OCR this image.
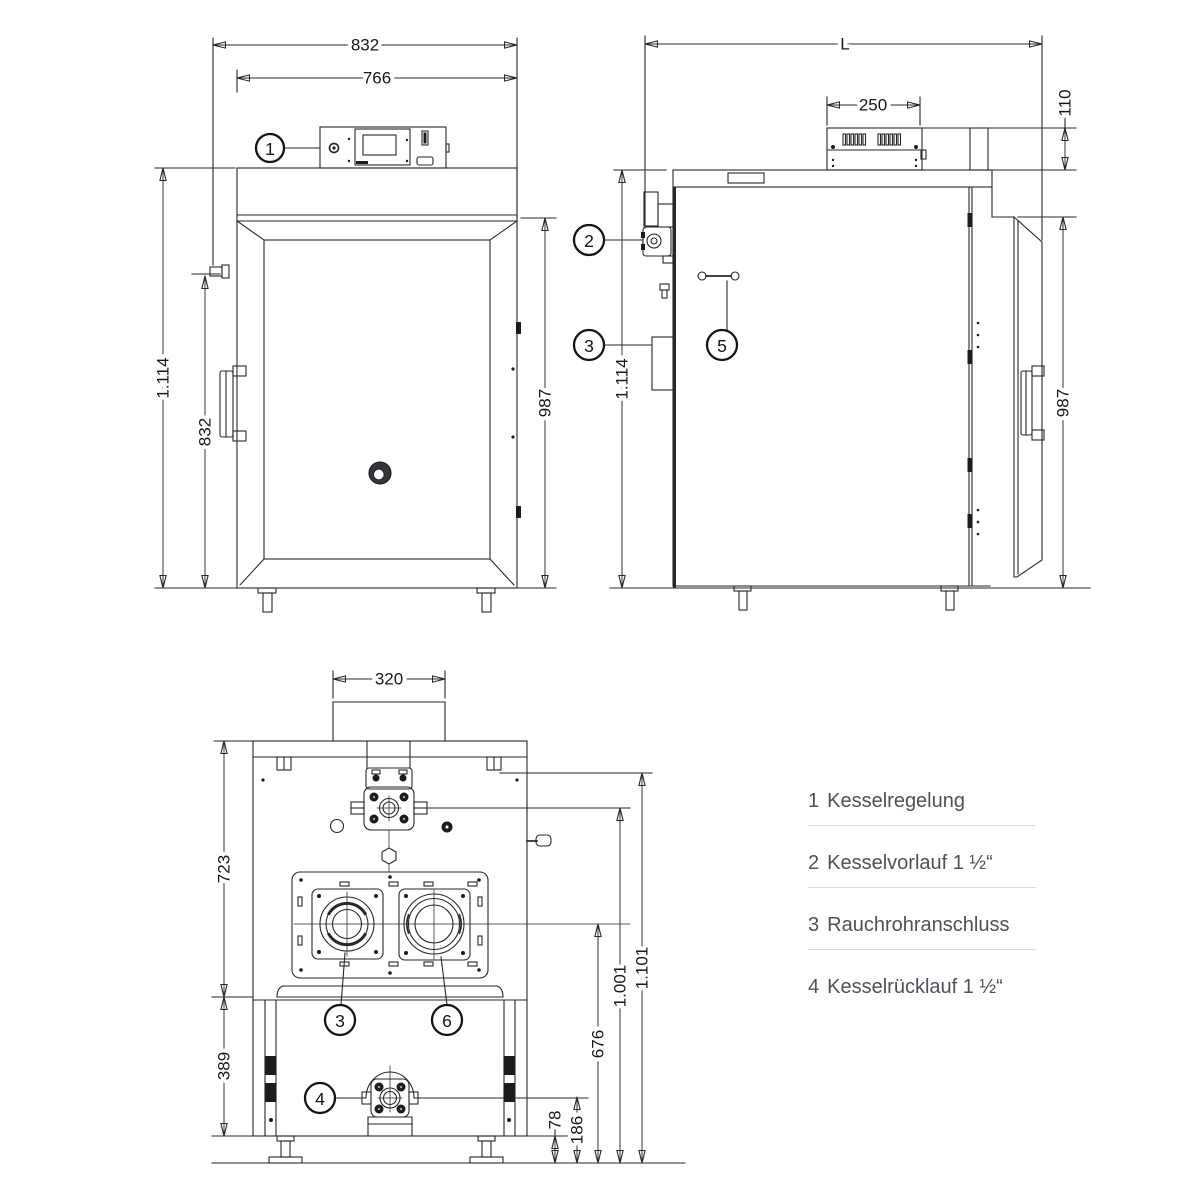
832
766
1.114
832
987
1
L
250	110
1.114
987
2
3	5
320
723
389
676
1.001 1.101
78 186
3	6
4
1 Kesselregelung
2 Kesselvorlauf 1 ½“
3 Rauchrohranschluss
4 Kesselrücklauf 1 ½“
